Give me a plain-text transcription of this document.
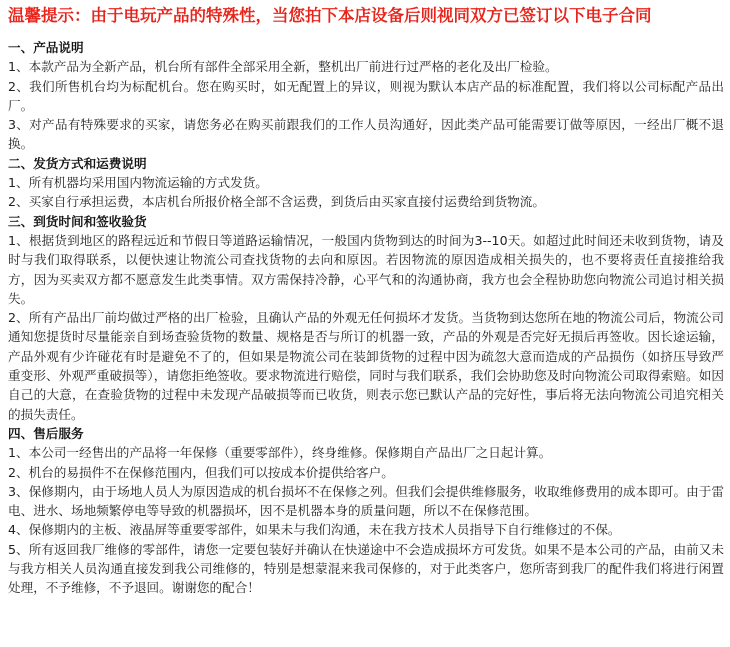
温馨提示：由于电玩产品的特殊性，当您拍下本店设备后则视同双方已签订以下电子合同
一、产品说明

1、本款产品为全新产品，机台所有部件全部采用全新，整机出厂前进行过严格的老化及出厂检验。

2、我们所售机台均为标配机台。您在购买时，如无配置上的异议，则视为默认本店产品的标准配置，我们将以公司标配产品出厂。

3、对产品有特殊要求的买家，请您务必在购买前跟我们的工作人员沟通好，因此类产品可能需要订做等原因，一经出厂概不退换。

二、发货方式和运费说明

1、所有机器均采用国内物流运输的方式发货。

2、买家自行承担运费，本店机台所报价格全部不含运费，到货后由买家直接付运费给到货物流。

三、到货时间和签收验货

1、根据货到地区的路程远近和节假日等道路运输情况，一般国内货物到达的时间为3--10天。如超过此时间还未收到货物，请及时与我们取得联系，以便快速让物流公司查找货物的去向和原因。若因物流的原因造成相关损失的，也不要将责任直接推给我方，因为买卖双方都不愿意发生此类事情。双方需保持冷静，心平气和的沟通协商，我方也会全程协助您向物流公司追讨相关损失。

2、所有产品出厂前均做过严格的出厂检验，且确认产品的外观无任何损坏才发货。当货物到达您所在地的物流公司后，物流公司通知您提货时尽量能亲自到场查验货物的数量、规格是否与所订的机器一致，产品的外观是否完好无损后再签收。因长途运输，产品外观有少许碰花有时是避免不了的，但如果是物流公司在装卸货物的过程中因为疏忽大意而造成的产品损伤（如挤压导致严重变形、外观严重破损等），请您拒绝签收。要求物流进行赔偿，同时与我们联系，我们会协助您及时向物流公司取得索赔。如因自己的大意，在查验货物的过程中未发现产品破损等而已收货，则表示您已默认产品的完好性，事后将无法向物流公司追究相关的损失责任。

四、售后服务

1、本公司一经售出的产品将一年保修（重要零部件），终身维修。保修期自产品出厂之日起计算。

2、机台的易损件不在保修范围内，但我们可以按成本价提供给客户。

3、保修期内，由于场地人员人为原因造成的机台损坏不在保修之列。但我们会提供维修服务，收取维修费用的成本即可。由于雷电、进水、场地频繁停电等导致的机器损坏，因不是机器本身的质量问题，所以不在保修范围。

4、保修期内的主板、液晶屏等重要零部件，如果未与我们沟通，未在我方技术人员指导下自行维修过的不保。

5、所有返回我厂维修的零部件，请您一定要包装好并确认在快递途中不会造成损坏方可发货。如果不是本公司的产品，由前又未与我方相关人员沟通直接发到我公司维修的，特别是想蒙混来我司保修的，对于此类客户，您所寄到我厂的配件我们将进行闲置处理，不予维修，不予退回。谢谢您的配合！
